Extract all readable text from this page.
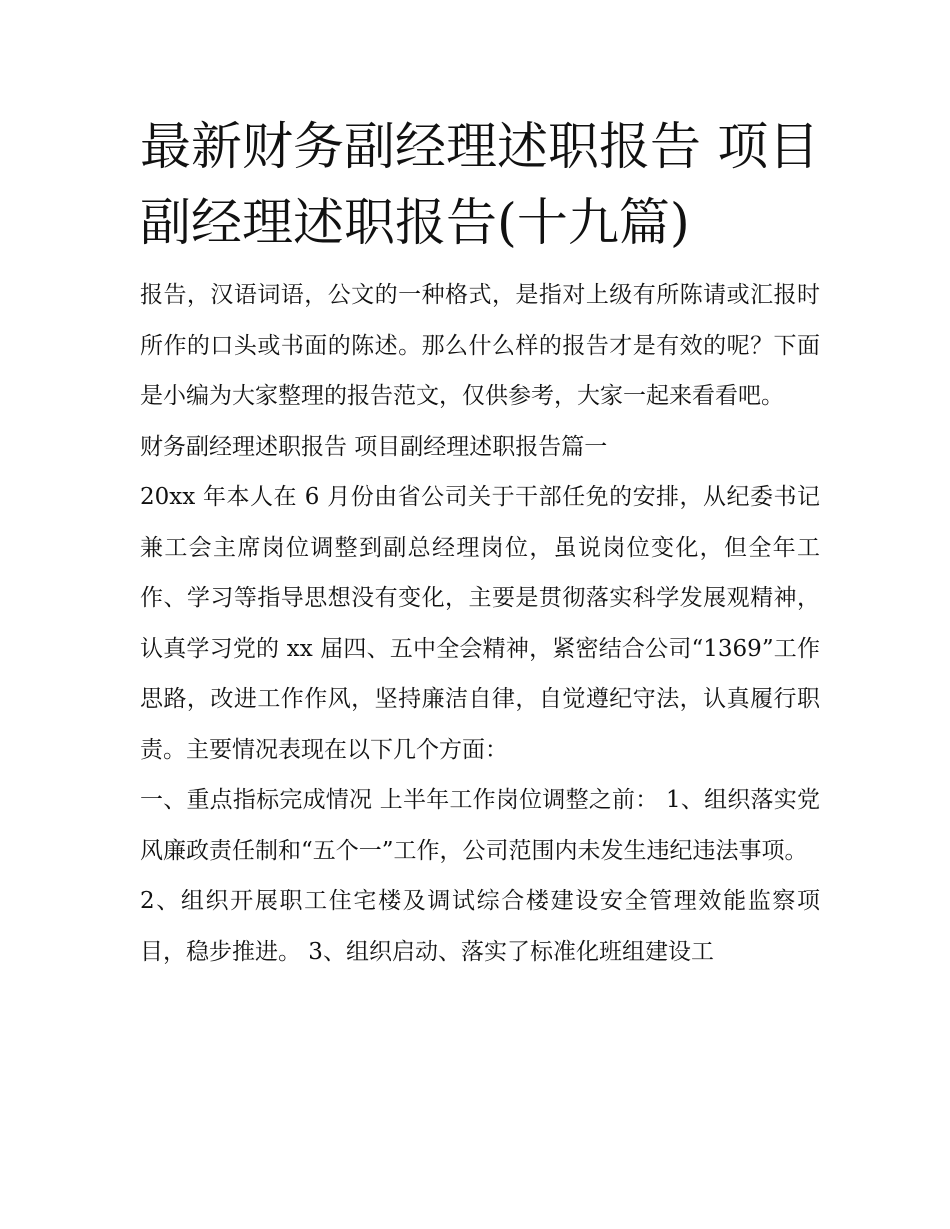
最新财务副经理述职报告 项目副经理述职报告(十九篇)

报告，汉语词语，公文的一种格式，是指对上级有所陈请或汇报时所作的口头或书面的陈述。那么什么样的报告才是有效的呢？下面是小编为大家整理的报告范文，仅供参考，大家一起来看看吧。

财务副经理述职报告 项目副经理述职报告篇一

20xx 年本人在 6 月份由省公司关于干部任免的安排，从纪委书记兼工会主席岗位调整到副总经理岗位，虽说岗位变化，但全年工作、学习等指导思想没有变化，主要是贯彻落实科学发展观精神，认真学习党的 xx 届四、五中全会精神，紧密结合公司“1369”工作思路，改进工作作风，坚持廉洁自律，自觉遵纪守法，认真履行职责。主要情况表现在以下几个方面：

一、重点指标完成情况 上半年工作岗位调整之前： 1、组织落实党风廉政责任制和“五个一”工作，公司范围内未发生违纪违法事项。

2、组织开展职工住宅楼及调试综合楼建设安全管理效能监察项目，稳步推进。 3、组织启动、落实了标准化班组建设工
